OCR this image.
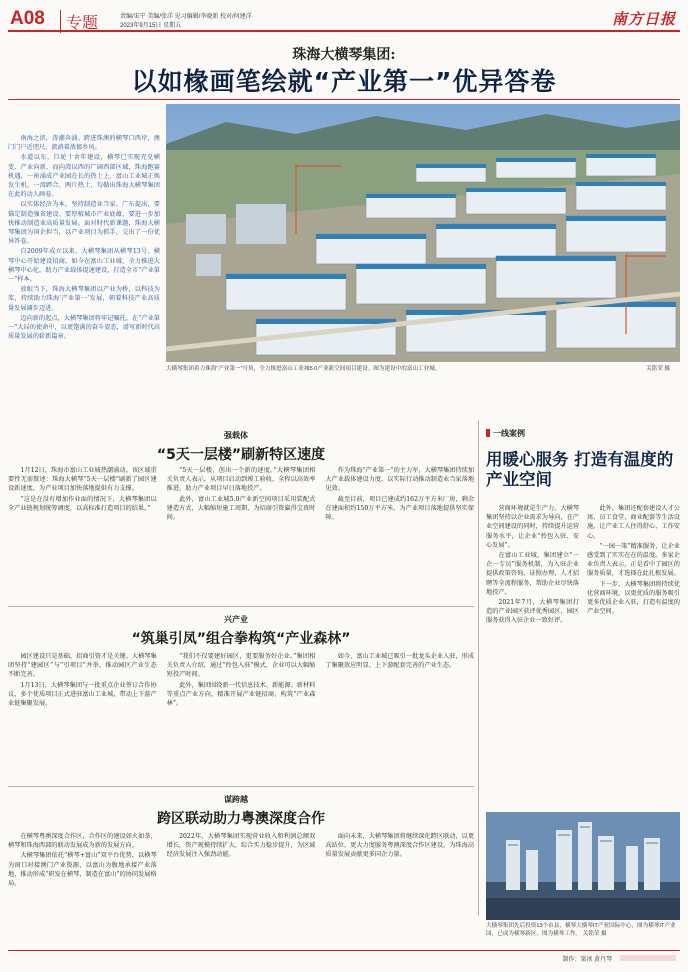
A08	专题	责编/宋宁 美编/张洋 见习编辑/李晓新 校对/何建洋
2023年9月15日 星期五	南方日报
珠海大横琴集团:
以如椽画笔绘就“产业第一”优异答卷

南海之滨，涛潮奔涌。跨进珠澳的横琴口西岸，澳门门户近咫尺，流淌着浓郁乡风。

水道以东，巨轮十舍年建设，横琴已实现充兑横变、产业向新，而向湾以西的广阔西部区域，珠海跑赛机遇，一座涌成产业园在长的热土上，富山工业城正焕发生机。一湾跨合，两片热土，勾勒出珠海大横琴集团在此的动人画卷。

以实体经济为本，坚持制造业当家。广东提出，要锚定制造强省建设、要厚植城市产业底蕴，要进一步加快推动制造业高质量发展。面对时代新课题，珠海大横琴集团为国企担当，以产业项目为抓手，交出了一份优异答卷。

自2009年成立以来，大横琴集团从横琴13号、横琴中心开始建设招商，如今在富山工业城、全力推进大横琴中心化，助力产业载体提速建设，打造全市“产业第一”样本。

放眼当下，珠海大横琴集团以产业为桥，以科技为桨，持续助力珠海‘产业第一’发展，朝着科技产业高质量发展阔步迈进。

迈向新的起点，大横琴集团将牢记嘱托，在“产业第一”大局的使命中，以更饱满的奋斗姿态，谱写新时代高质量发展的崭新篇章。

大横琴集团着力珠海“产业第一”号角，全力推进富山工业城5.0产业新空间项目建设。图为建设中的富山工业城。	关铭荣 摄
强载体
“5天一层楼”刷新特区速度

1月12日，珠海市富山工业城热潮涌动。该区域重要性无需赘述：珠海大横琴“5天一层楼”刷新了园区建设新速度，为产业项目加快落地提供有力支撑。

“这是在没有增加作业面的情况下，大横琴集团以全产业链规划统筹调度，以高标准打造项目的结果。”

“5天一层楼，创出一个新的速度。”大横琴集团相关负责人表示，从项目启动到竣工验收，全程以高效率推进，助力产业项目早日落地投产。

此外，富山工业城5.0产业新空间项目采用装配式建造方式，大幅缩短施工周期，为招商引资赢得宝贵时间。

作为珠海“产业第一”的主力军，大横琴集团持续加大产业载体建设力度，以实际行动推动制造业当家落地见效。

截至目前，项目已建成约162万平方米厂房，剩余在建面积约150万平方米，为产业项目落地提供坚实保障。

兴产业
“筑巢引凤”组合拳构筑“产业森林”

园区建设只是基础，招商引资才是关键。大横琴集团坚持“建园区”与“引项目”并举，推动园区产业生态不断完善。

1月13日，大横琴集团与一批重点企业签订合作协议，多个优质项目正式进驻富山工业城，带动上下游产业链集聚发展。

“我们不仅要建好园区，更要服务好企业。”集团相关负责人介绍，通过“拎包入驻”模式，企业可以大幅缩短投产时间。

此外，集团围绕新一代信息技术、新能源、新材料等重点产业方向，精准开展产业链招商，构筑“产业森林”。

如今，富山工业城已吸引一批龙头企业入驻，形成了集聚效应明显、上下游配套完善的产业生态。

谋跨越
跨区联动助力粤澳深度合作

在横琴粤澳深度合作区，合作区的建设如火如荼，横琴和珠海西部的联动发展成为新的发展方向。

大横琴集团依托“横琴+富山”双平台优势，以横琴为窗口对接澳门产业资源，以富山为腹地承接产业落地，推动形成“研发在横琴、制造在富山”的协同发展格局。

2022年，大横琴集团实现营业收入和利润总额双增长，资产规模持续扩大，综合实力稳步提升，为区域经济发展注入强劲动能。

面向未来，大横琴集团将继续深化跨区联动，以更高站位、更大力度服务粤澳深度合作区建设，为珠海高质量发展贡献更多国企力量。

一线案例
用暖心服务 打造有温度的产业空间

营商环境就是生产力。大横琴集团坚持以企业需求为导向，在产业空间建设的同时，持续提升运营服务水平，让企业“拎包入驻、安心发展”。

在富山工业城，集团建立“一企一专员”服务机制，为入驻企业提供政策咨询、证照办理、人才招聘等全流程服务，帮助企业尽快落地投产。

2021年7月，大横琴集团打造的产业园区获评优秀园区，园区服务获得入驻企业一致好评。

此外，集团还配套建设人才公寓、员工食堂、商业配套等生活设施，让产业工人住得舒心、工作安心。

“一园一策”精准服务，让企业感受到了实实在在的温度。多家企业负责人表示，正是看中了园区的服务质量，才选择在此扎根发展。

下一步，大横琴集团将持续优化营商环境，以更优质的服务吸引更多优质企业入驻，打造有温度的产业空间。

大横琴集团先后投资13个市县，横琴大横琴IT产业国际中心，图为横琴IT产业园，已成为横琴新区。图为横琴工作。 关铭荣 摄
制作：梁冰 黄丹琴
